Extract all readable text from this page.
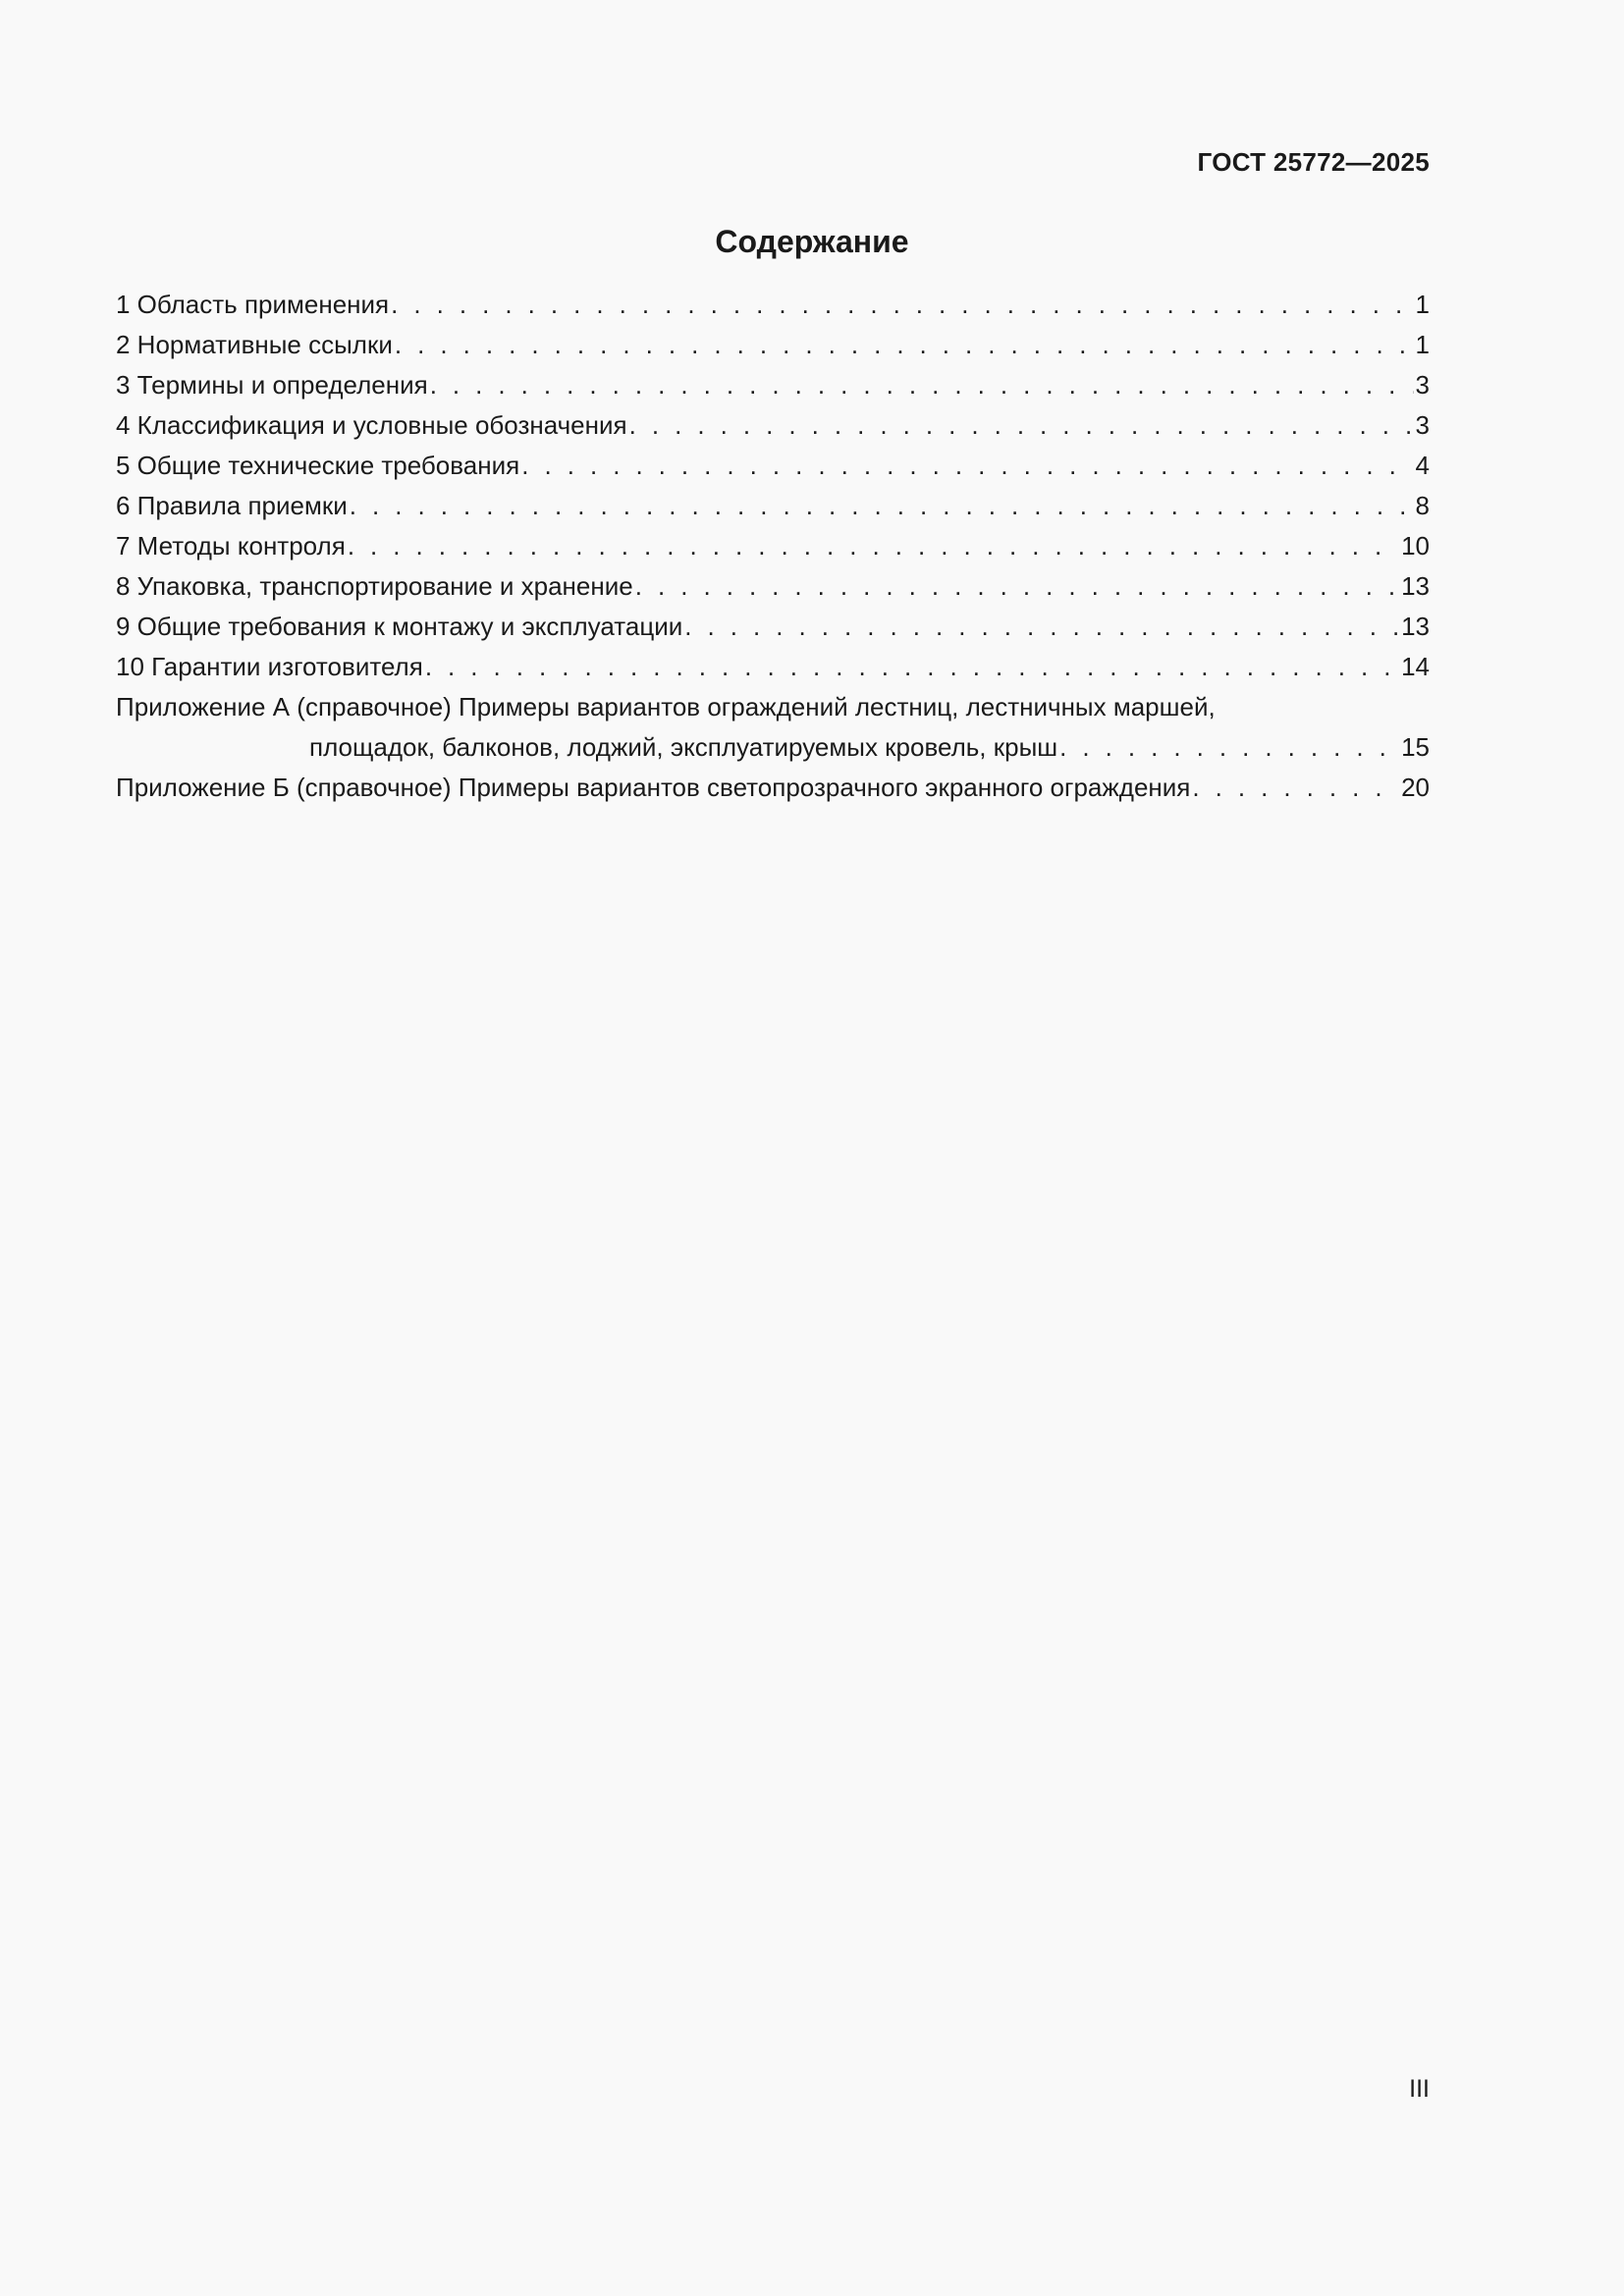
ГОСТ 25772—2025
Содержание
1 Область применения . . .	1
2 Нормативные ссылки . . .	1
3 Термины и определения . . .	3
4 Классификация и условные обозначения . . .	3
5 Общие технические требования . . .	4
6 Правила приемки . . .	8
7 Методы контроля . . .	10
8 Упаковка, транспортирование и хранение . . .	13
9 Общие требования к монтажу и эксплуатации . . .	13
10 Гарантии изготовителя . . .	14
Приложение А (справочное) Примеры вариантов ограждений лестниц, лестничных маршей,
площадок, балконов, лоджий, эксплуатируемых кровель, крыш . . .	15
Приложение Б (справочное) Примеры вариантов светопрозрачного экранного ограждения . . .	20
III
